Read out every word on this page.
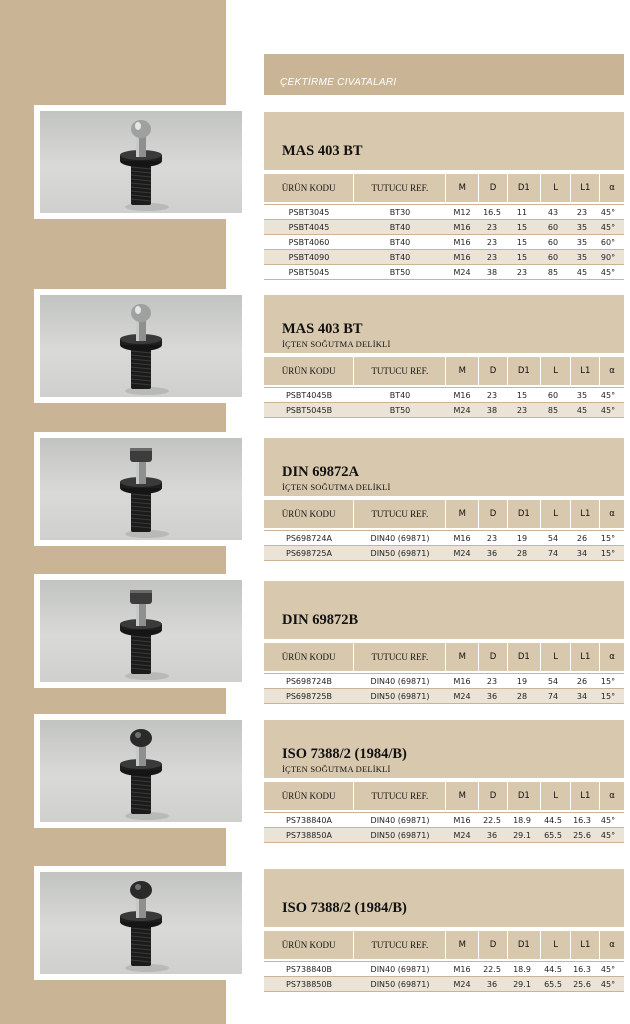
ÇEKTİRME CIVATALARI
MAS 403 BT
ÜRÜN KODU	TUTUCU REF.	M	D	D1	L	L1	α
PSBT3045	BT30	M12	16.5	11	43	23	45°
PSBT4045	BT40	M16	23	15	60	35	45°
PSBT4060	BT40	M16	23	15	60	35	60°
PSBT4090	BT40	M16	23	15	60	35	90°
PSBT5045	BT50	M24	38	23	85	45	45°
MAS 403 BT
İÇTEN SOĞUTMA DELİKLİ
ÜRÜN KODU	TUTUCU REF.	M	D	D1	L	L1	α
PSBT4045B	BT40	M16	23	15	60	35	45°
PSBT5045B	BT50	M24	38	23	85	45	45°
DIN 69872A
İÇTEN SOĞUTMA DELİKLİ
ÜRÜN KODU	TUTUCU REF.	M	D	D1	L	L1	α
PS698724A	DIN40 (69871)	M16	23	19	54	26	15°
PS698725A	DIN50 (69871)	M24	36	28	74	34	15°
DIN 69872B
ÜRÜN KODU	TUTUCU REF.	M	D	D1	L	L1	α
PS698724B	DIN40 (69871)	M16	23	19	54	26	15°
PS698725B	DIN50 (69871)	M24	36	28	74	34	15°
ISO 7388/2 (1984/B)
İÇTEN SOĞUTMA DELİKLİ
ÜRÜN KODU	TUTUCU REF.	M	D	D1	L	L1	α
PS738840A	DIN40 (69871)	M16	22.5	18.9	44.5	16.3	45°
PS738850A	DIN50 (69871)	M24	36	29.1	65.5	25.6	45°
ISO 7388/2 (1984/B)
ÜRÜN KODU	TUTUCU REF.	M	D	D1	L	L1	α
PS738840B	DIN40 (69871)	M16	22.5	18.9	44.5	16.3	45°
PS738850B	DIN50 (69871)	M24	36	29.1	65.5	25.6	45°
